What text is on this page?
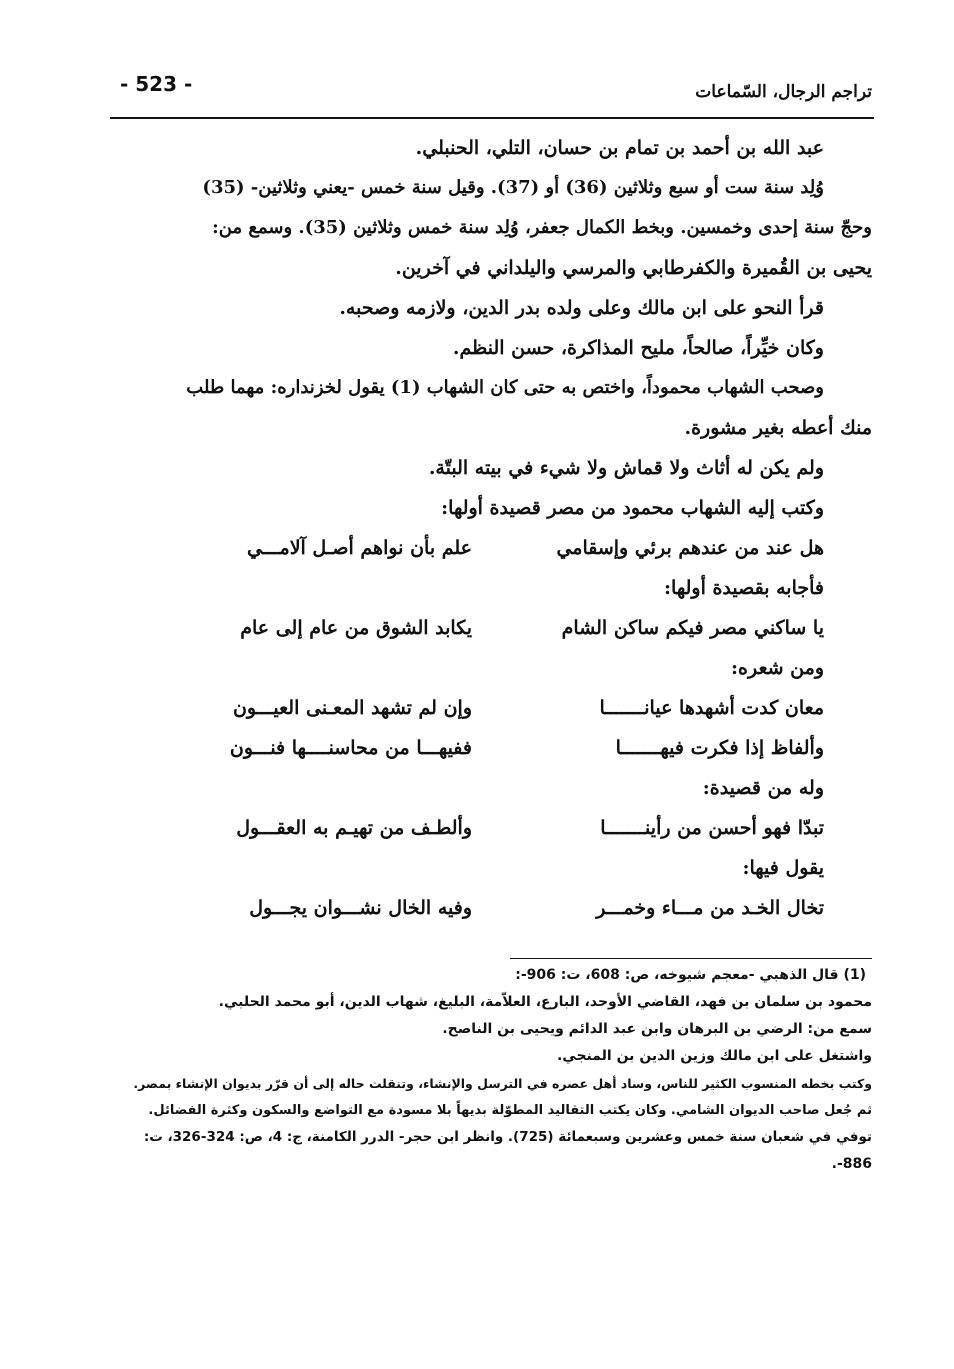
- 523 -	تراجم الرجال، السّماعات
عبد الله بن أحمد بن تمام بن حسان، التلي، الحنبلي.
وُلِد سنة ست أو سبع وثلاثين (36) أو (37). وقيل سنة خمس -يعني وثلاثين- (35)
وحجّ سنة إحدى وخمسين. وبخط الكمال جعفر، وُلِد سنة خمس وثلاثين (35). وسمع من:
يحيى بن القُميرة والكفرطابي والمرسي واليلداني في آخرين.
قرأ النحو على ابن مالك وعلى ولده بدر الدين، ولازمه وصحبه.
وكان خيِّراً، صالحاً، مليح المذاكرة، حسن النظم.
وصحب الشهاب محموداً، واختص به حتى كان الشهاب (1) يقول لخزنداره: مهما طلب
منك أعطه بغير مشورة.
ولم يكن له أثاث ولا قماش ولا شيء في بيته البتّة.
وكتب إليه الشهاب محمود من مصر قصيدة أولها:
هل عند من عندهم برئي وإسقامي
علم بأن نواهم أصـل آلامـــي
فأجابه بقصيدة أولها:
يا ساكني مصر فيكم ساكن الشام
يكابد الشوق من عام إلى عام
ومن شعره:
معان كدت أشهدها عيانـــــــا
وإن لم تشهد المعـنى العيـــون
وألفاظ إذا فكرت فيهـــــــا
ففيهـــا من محاسنــــها فنـــون
وله من قصيدة:
تبدّا فهو أحسن من رأينـــــــا
وألطـف من تهيـم به العقـــول
يقول فيها:
تخال الخـد من مـــاء وخمـــر
وفيه الخال نشـــوان يجـــول
(1) قال الذهبي -معجم شيوخه، ص: 608، ت: 906-:
محمود بن سلمان بن فهد، القاضي الأوحد، البارع، العلاّمة، البليغ، شهاب الدين، أبو محمد الحلبي.
سمع من: الرضي بن البرهان وابن عبد الدائم ويحيى بن الناصح.
واشتغل على ابن مالك وزين الدين بن المنجي.
وكتب بخطه المنسوب الكثير للناس، وساد أهل عصره في الترسل والإنشاء، وتنقلت حاله إلى أن قرّر بديوان الإنشاء بمصر.
ثم جُعل صاحب الديوان الشامي. وكان يكتب التقاليد المطوّلة بديهاً بلا مسودة مع التواضع والسكون وكثرة الفضائل.
توفي في شعبان سنة خمس وعشرين وسبعمائة (725). وانظر ابن حجر- الدرر الكامنة، ج: 4، ص: 324-326، ت:
886-.
